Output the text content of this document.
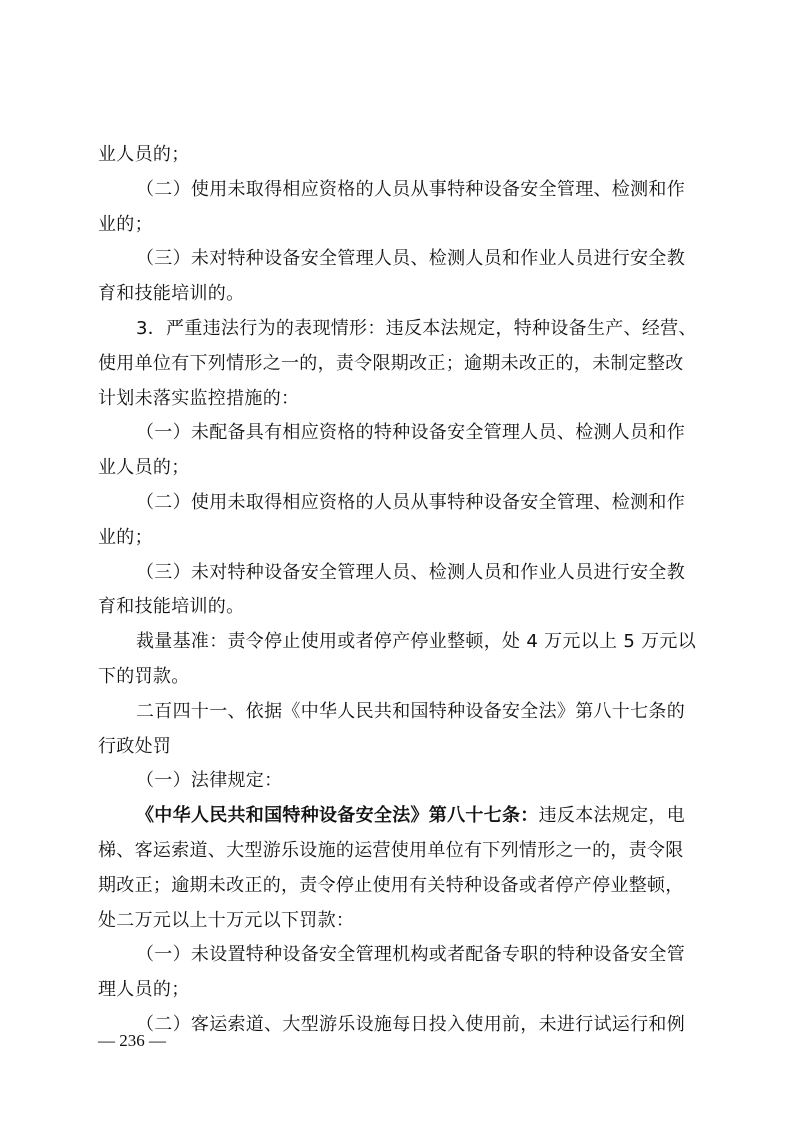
业人员的；
（二）使用未取得相应资格的人员从事特种设备安全管理、检测和作
业的；
（三）未对特种设备安全管理人员、检测人员和作业人员进行安全教
育和技能培训的。
3．严重违法行为的表现情形：违反本法规定，特种设备生产、经营、
使用单位有下列情形之一的，责令限期改正；逾期未改正的，未制定整改
计划未落实监控措施的：
（一）未配备具有相应资格的特种设备安全管理人员、检测人员和作
业人员的；
（二）使用未取得相应资格的人员从事特种设备安全管理、检测和作
业的；
（三）未对特种设备安全管理人员、检测人员和作业人员进行安全教
育和技能培训的。
裁量基准：责令停止使用或者停产停业整顿，处 4 万元以上 5 万元以
下的罚款。
二百四十一、依据《中华人民共和国特种设备安全法》第八十七条的
行政处罚
（一）法律规定：
《中华人民共和国特种设备安全法》第八十七条：违反本法规定，电
梯、客运索道、大型游乐设施的运营使用单位有下列情形之一的，责令限
期改正；逾期未改正的，责令停止使用有关特种设备或者停产停业整顿，
处二万元以上十万元以下罚款：
（一）未设置特种设备安全管理机构或者配备专职的特种设备安全管
理人员的；
（二）客运索道、大型游乐设施每日投入使用前，未进行试运行和例
— 236 —
